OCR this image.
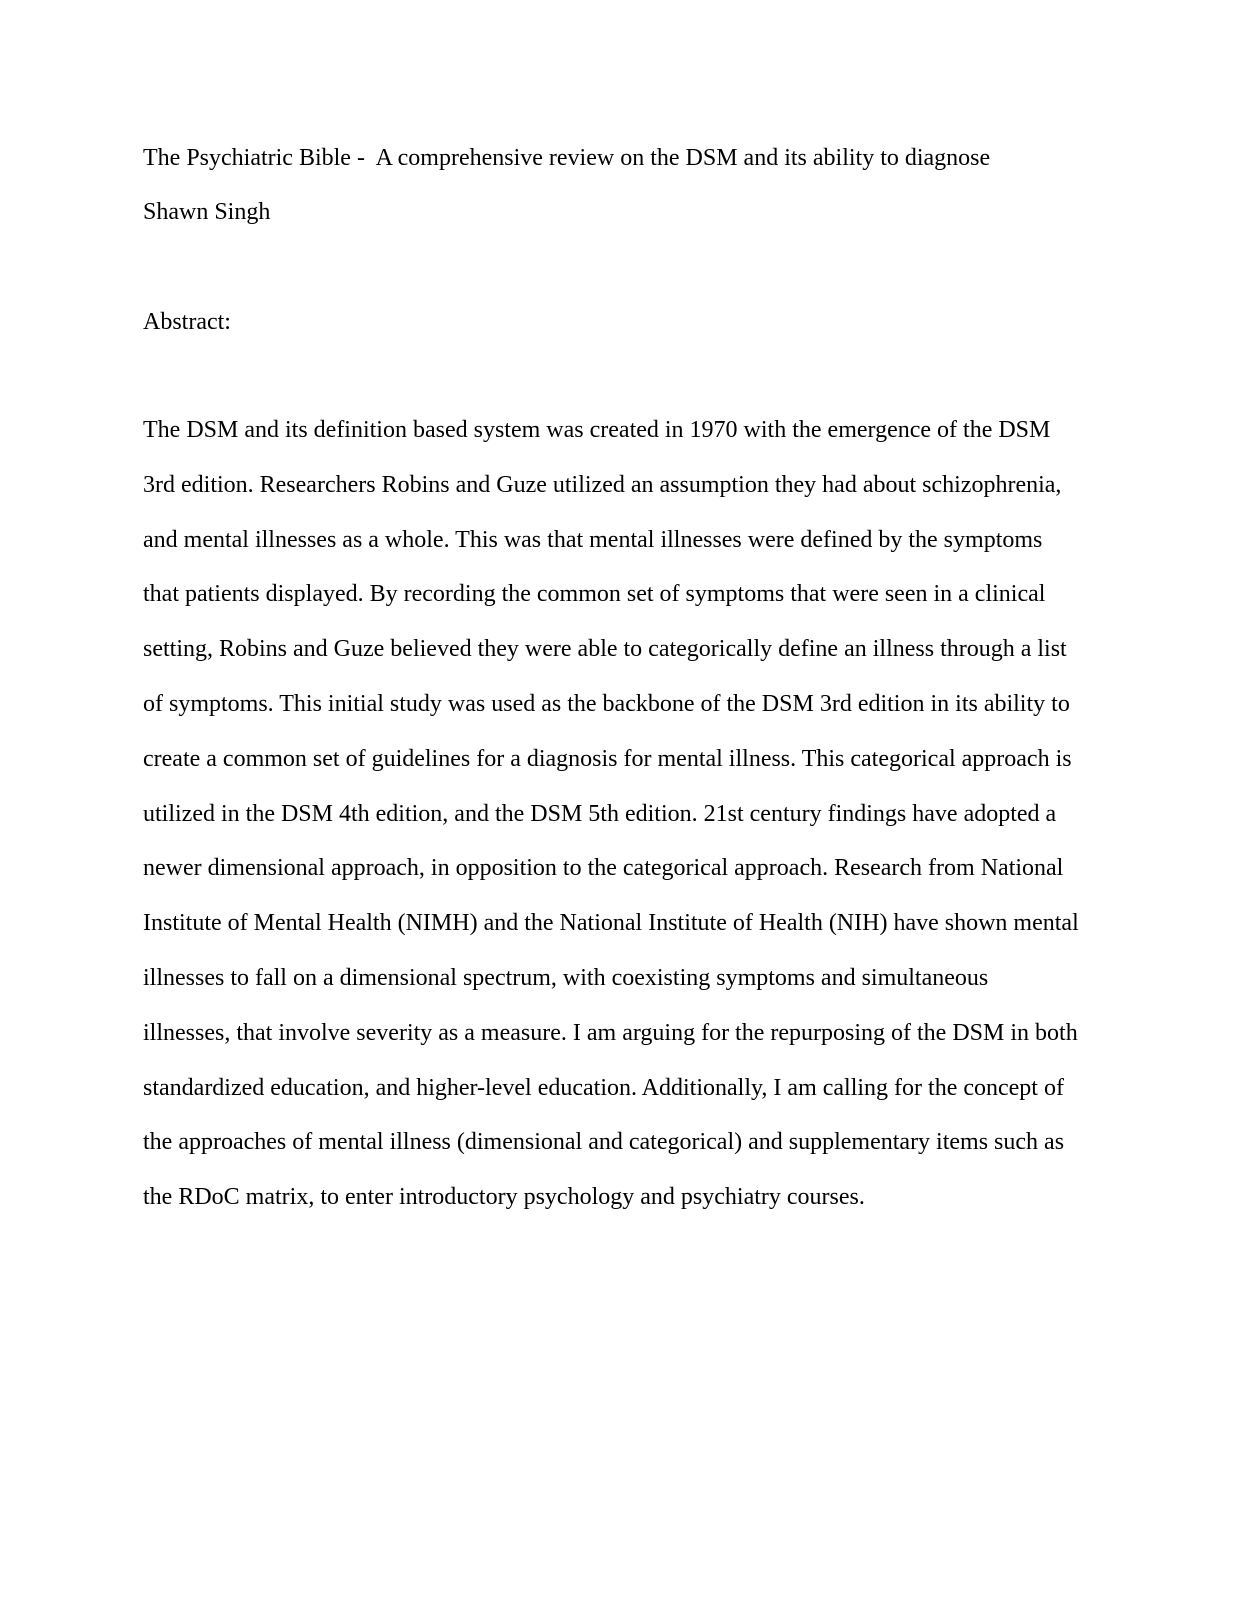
The Psychiatric Bible -  A comprehensive review on the DSM and its ability to diagnose
Shawn Singh
Abstract:
The DSM and its definition based system was created in 1970 with the emergence of the DSM
3rd edition. Researchers Robins and Guze utilized an assumption they had about schizophrenia,
and mental illnesses as a whole. This was that mental illnesses were defined by the symptoms
that patients displayed. By recording the common set of symptoms that were seen in a clinical
setting, Robins and Guze believed they were able to categorically define an illness through a list
of symptoms. This initial study was used as the backbone of the DSM 3rd edition in its ability to
create a common set of guidelines for a diagnosis for mental illness. This categorical approach is
utilized in the DSM 4th edition, and the DSM 5th edition. 21st century findings have adopted a
newer dimensional approach, in opposition to the categorical approach. Research from National
Institute of Mental Health (NIMH) and the National Institute of Health (NIH) have shown mental
illnesses to fall on a dimensional spectrum, with coexisting symptoms and simultaneous
illnesses, that involve severity as a measure. I am arguing for the repurposing of the DSM in both
standardized education, and higher-level education. Additionally, I am calling for the concept of
the approaches of mental illness (dimensional and categorical) and supplementary items such as
the RDoC matrix, to enter introductory psychology and psychiatry courses.
